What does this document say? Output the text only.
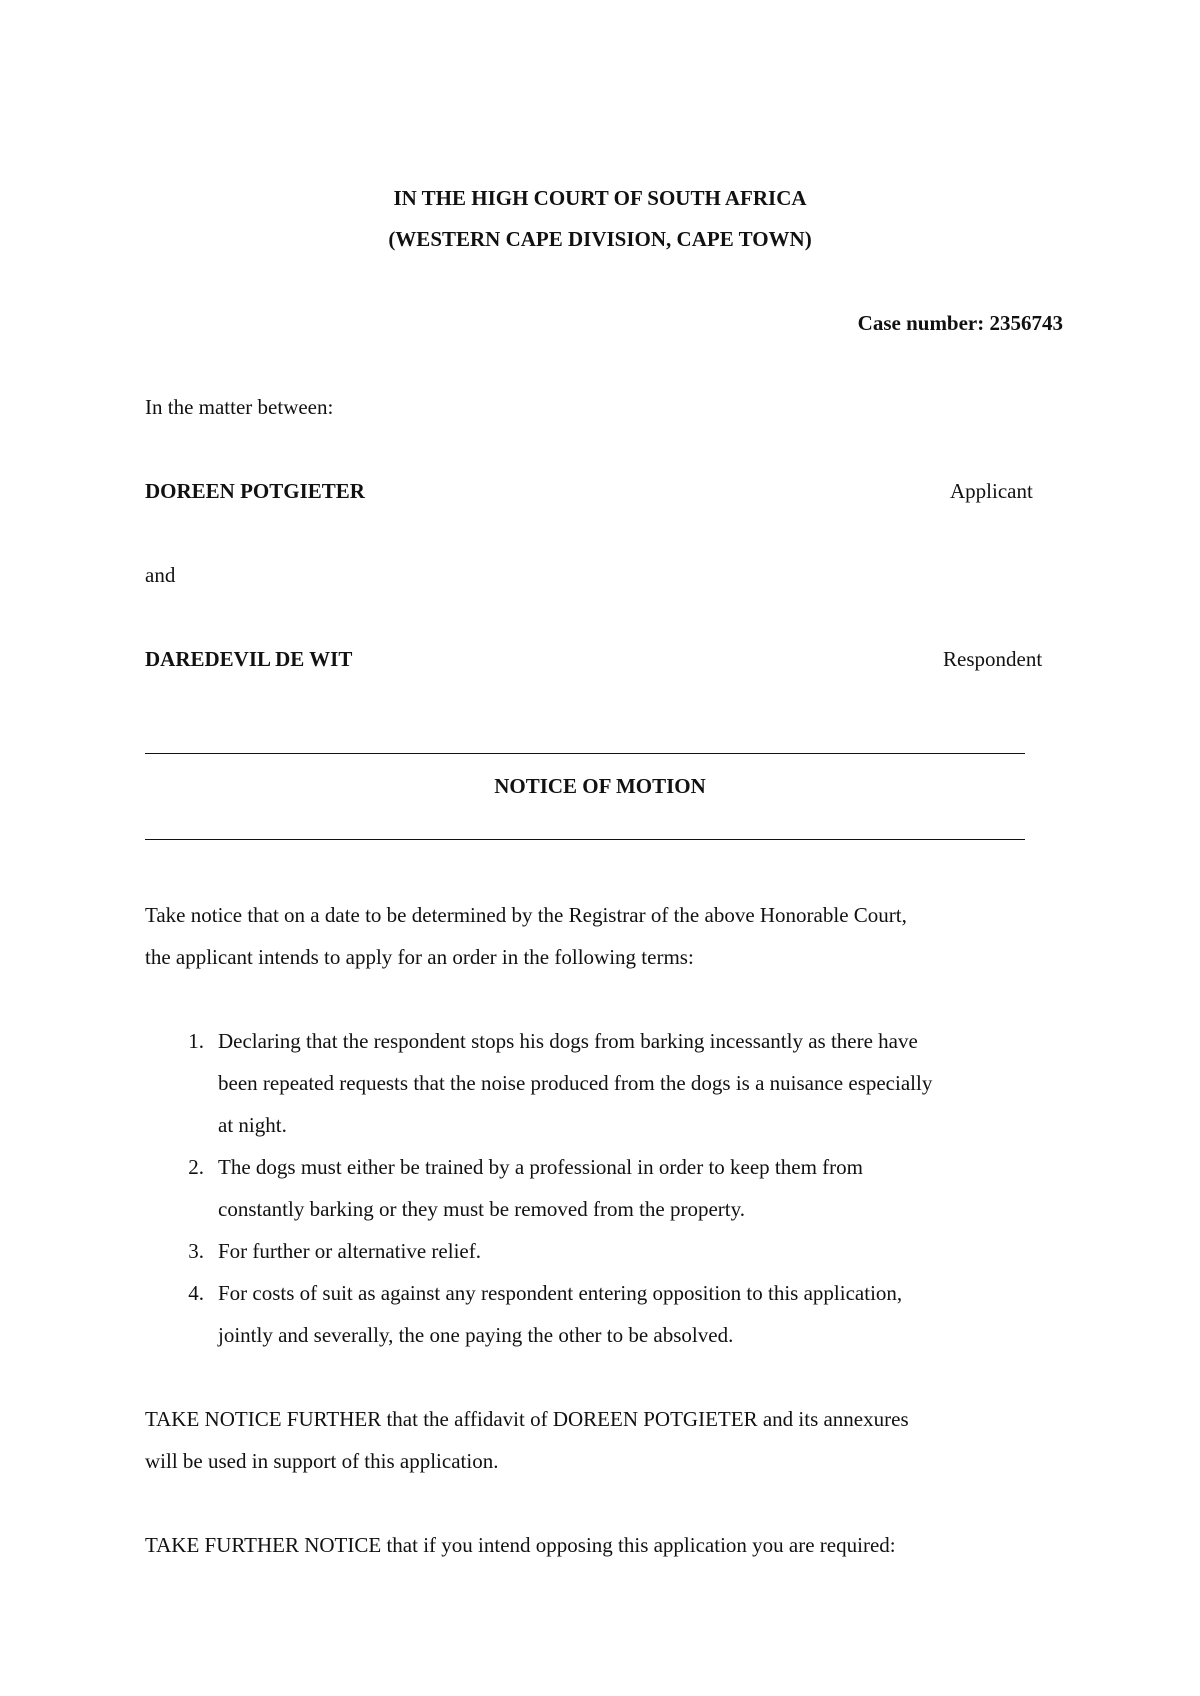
IN THE HIGH COURT OF SOUTH AFRICA
(WESTERN CAPE DIVISION, CAPE TOWN)
Case number: 2356743
In the matter between:
DOREEN POTGIETER	Applicant
and
DAREDEVIL DE WIT	Respondent
NOTICE OF MOTION
Take notice that on a date to be determined by the Registrar of the above Honorable Court,
the applicant intends to apply for an order in the following terms:
1. Declaring that the respondent stops his dogs from barking incessantly as there have
been repeated requests that the noise produced from the dogs is a nuisance especially
at night.
2. The dogs must either be trained by a professional in order to keep them from
constantly barking or they must be removed from the property.
3. For further or alternative relief.
4. For costs of suit as against any respondent entering opposition to this application,
jointly and severally, the one paying the other to be absolved.
TAKE NOTICE FURTHER that the affidavit of DOREEN POTGIETER and its annexures
will be used in support of this application.
TAKE FURTHER NOTICE that if you intend opposing this application you are required:
